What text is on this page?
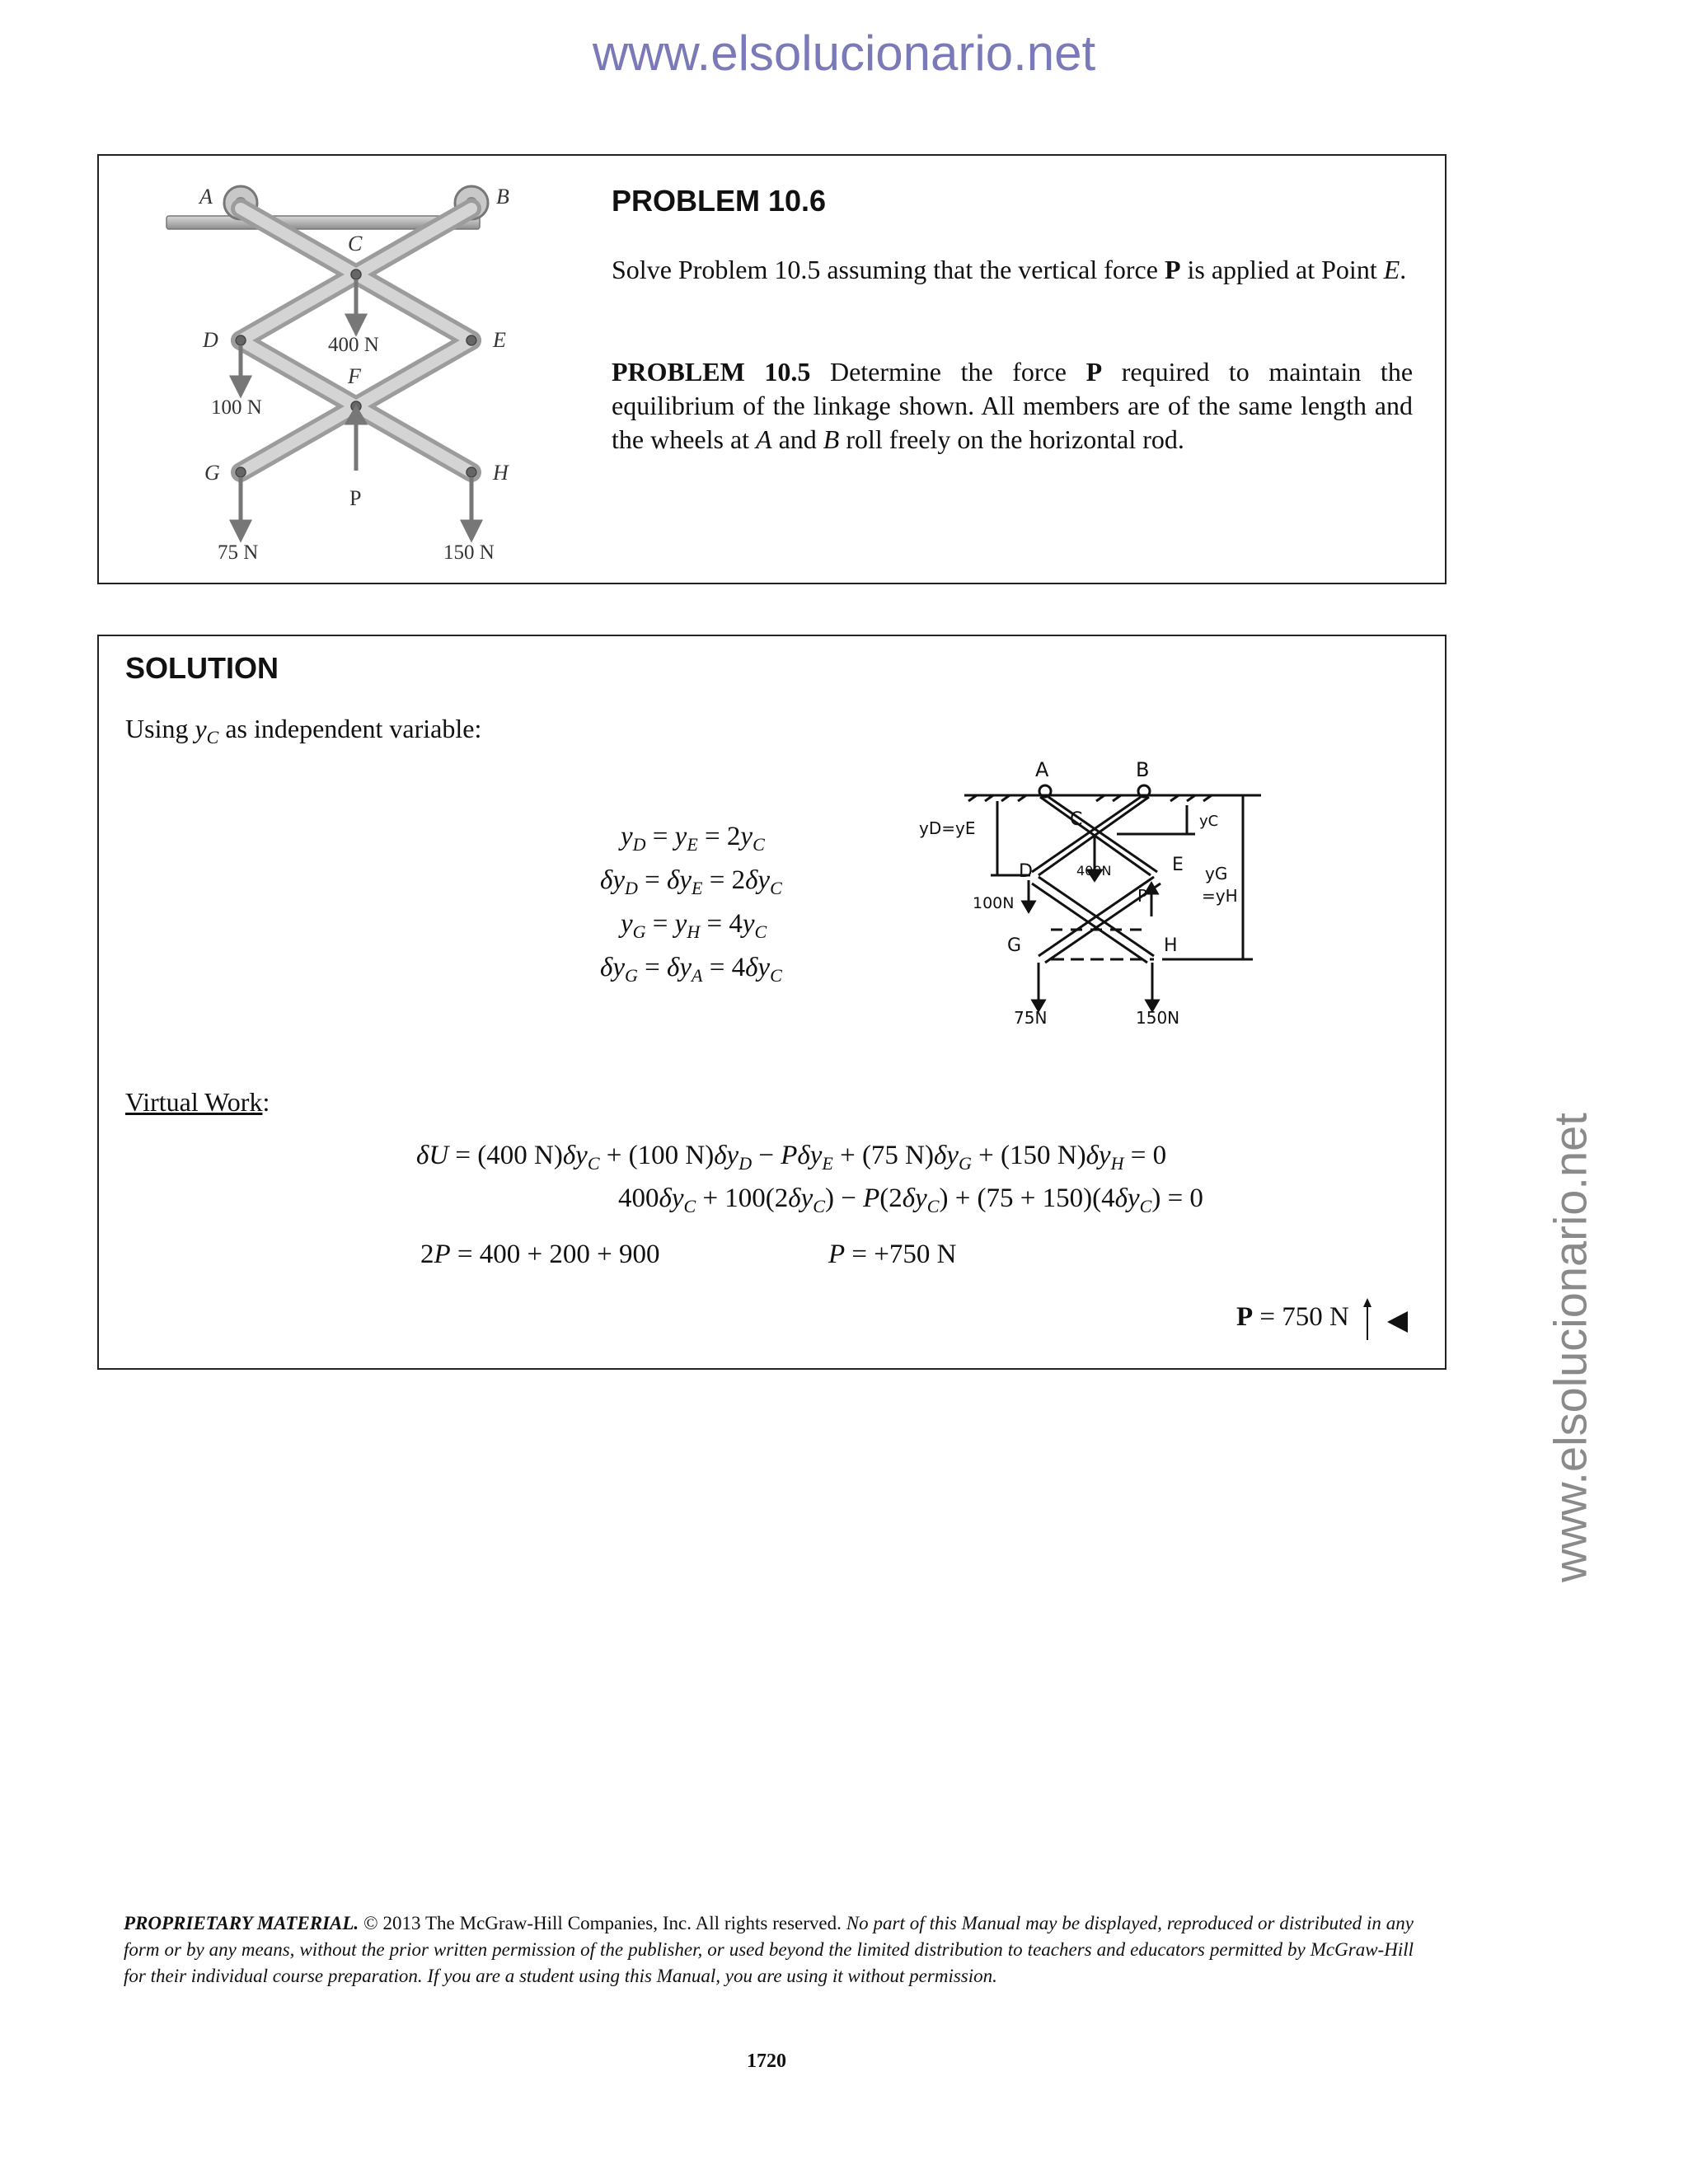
www.elsolucionario.net
www.elsolucionario.net
A	B
C
D	E
F
G	H
P
400 N
100 N
75 N	150 N
PROBLEM 10.6
Solve Problem 10.5 assuming that the vertical force P is applied at Point E.
PROBLEM 10.5 Determine the force P required to maintain the equilibrium of the linkage shown. All members are of the same length and the wheels at A and B roll freely on the horizontal rod.
SOLUTION
Using $y_C$ as independent variable:
$y_D = y_E = 2y_C$
$\delta y_D = \delta y_E = 2\delta y_C$
$y_G = y_H = 4y_C$
$\delta y_G = \delta y_A = 4\delta y_C$
A	B
C
D	E
G	H
P
yD=yE	yC
yG
=yH
400N
100N
75N	150N
Virtual Work:
δU = (400 $N)\delta y_C + (100$ $N)\delta y_D - P\delta y_E + (75$ $N)\delta y_G + (150$ $N)\delta y_H = 0$
$400\delta y_C + 100(2\delta y_C) - P(2\delta y_C) + (75 + 150)(4\delta y_C) = 0$
2P = 400 + 200 + 900	P = +750 N
P = 750 N
PROPRIETARY MATERIAL. © 2013 The McGraw-Hill Companies, Inc. All rights reserved. No part of this Manual may be displayed, reproduced or distributed in any form or by any means, without the prior written permission of the publisher, or used beyond the limited distribution to teachers and educators permitted by McGraw-Hill for their individual course preparation. If you are a student using this Manual, you are using it without permission.
1720
